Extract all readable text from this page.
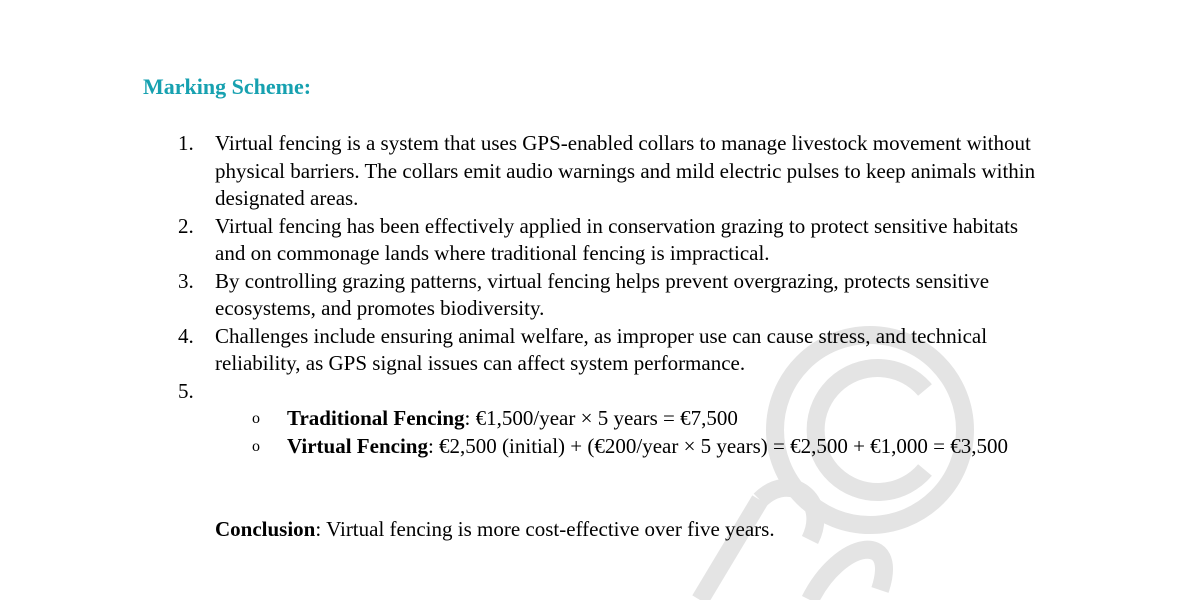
Marking Scheme:
1. Virtual fencing is a system that uses GPS-enabled collars to manage livestock movement without physical barriers. The collars emit audio warnings and mild electric pulses to keep animals within designated areas.
2. Virtual fencing has been effectively applied in conservation grazing to protect sensitive habitats and on commonage lands where traditional fencing is impractical.
3. By controlling grazing patterns, virtual fencing helps prevent overgrazing, protects sensitive ecosystems, and promotes biodiversity.
4. Challenges include ensuring animal welfare, as improper use can cause stress, and technical reliability, as GPS signal issues can affect system performance.
5.
o Traditional Fencing: €1,500/year × 5 years = €7,500
o Virtual Fencing: €2,500 (initial) + (€200/year × 5 years) = €2,500 + €1,000 = €3,500
Conclusion: Virtual fencing is more cost-effective over five years.
